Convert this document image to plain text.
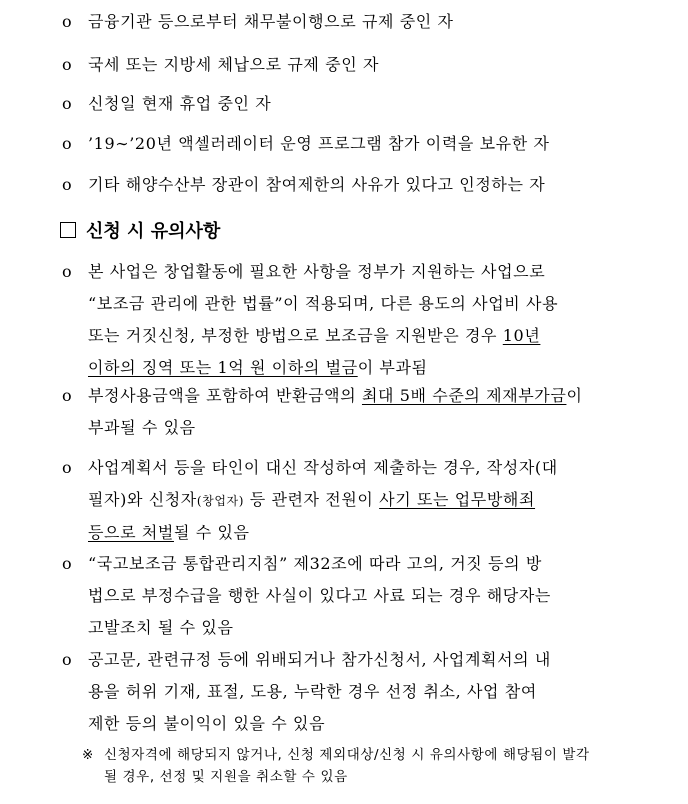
o	금융기관 등으로부터 채무불이행으로 규제 중인 자
o	국세 또는 지방세 체납으로 규제 중인 자
o	신청일 현재 휴업 중인 자
o	’19∼’20년 액셀러레이터 운영 프로그램 참가 이력을 보유한 자
o	기타 해양수산부 장관이 참여제한의 사유가 있다고 인정하는 자
신청 시 유의사항
o	본 사업은 창업활동에 필요한 사항을 정부가 지원하는 사업으로
“보조금 관리에 관한 법률”이 적용되며, 다른 용도의 사업비 사용
또는 거짓신청, 부정한 방법으로 보조금을 지원받은 경우 10년
이하의 징역 또는 1억 원 이하의 벌금이 부과됨
o	부정사용금액을 포함하여 반환금액의 최대 5배 수준의 제재부가금이
부과될 수 있음
o	사업계획서 등을 타인이 대신 작성하여 제출하는 경우, 작성자(대
필자)와 신청자(창업자) 등 관련자 전원이 사기 또는 업무방해죄
등으로 처벌될 수 있음
o	“국고보조금 통합관리지침” 제32조에 따라 고의, 거짓 등의 방
법으로 부정수급을 행한 사실이 있다고 사료 되는 경우 해당자는
고발조치 될 수 있음
o	공고문, 관련규정 등에 위배되거나 참가신청서, 사업계획서의 내
용을 허위 기재, 표절, 도용, 누락한 경우 선정 취소, 사업 참여
제한 등의 불이익이 있을 수 있음
※ 신청자격에 해당되지 않거나, 신청 제외대상/신청 시 유의사항에 해당됨이 발각
될 경우, 선정 및 지원을 취소할 수 있음
